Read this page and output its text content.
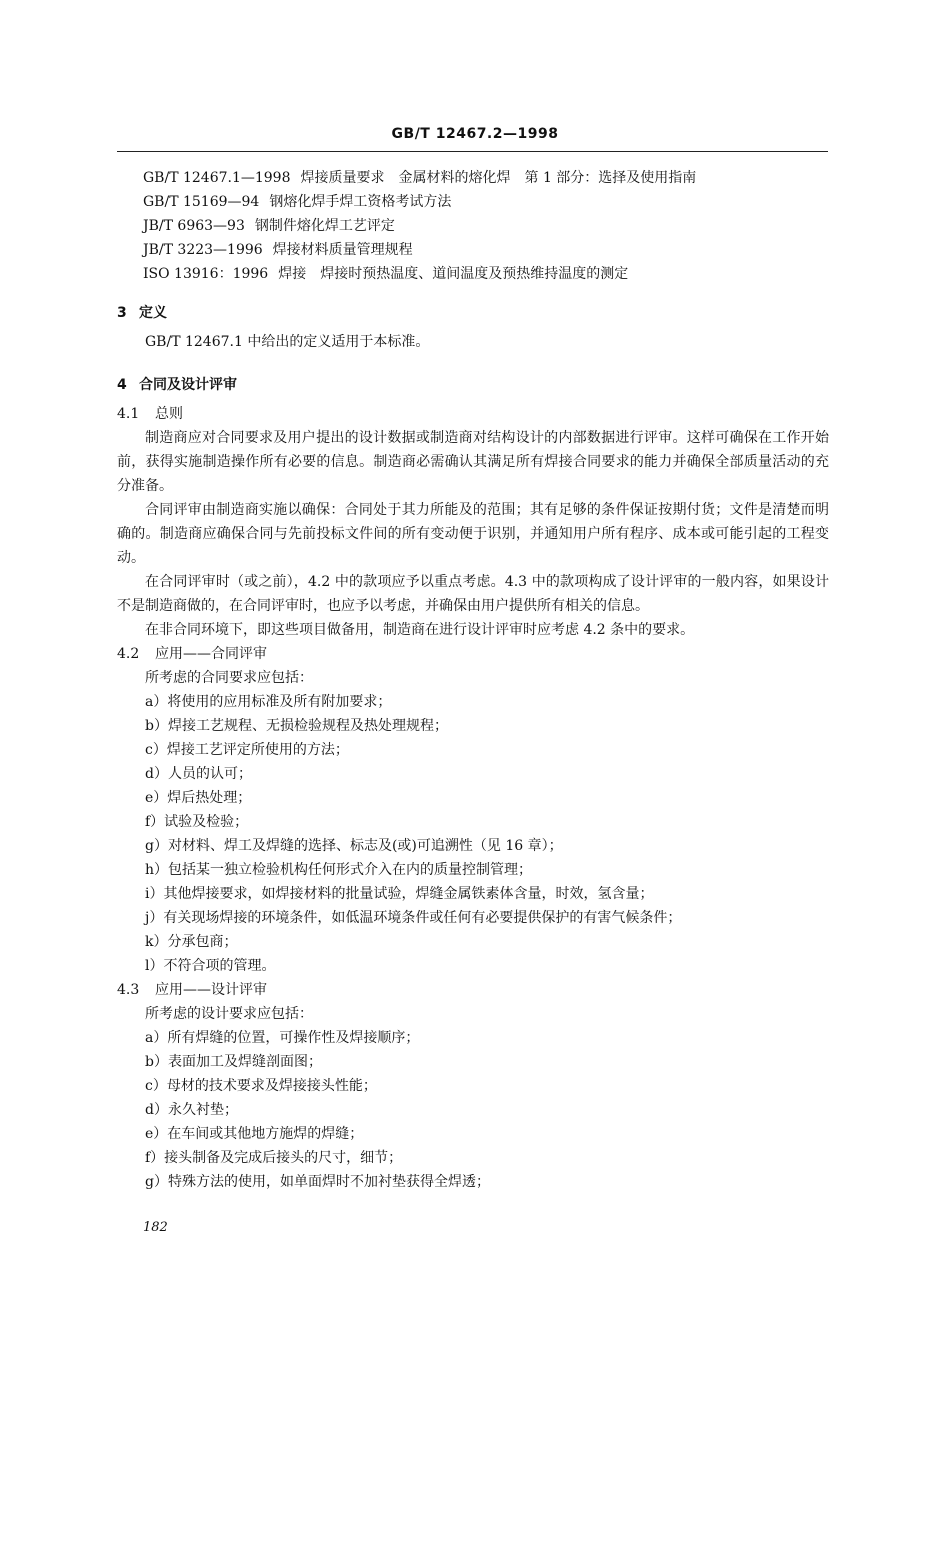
GB/T 12467.2—1998
GB/T 12467.1—1998 焊接质量要求　金属材料的熔化焊　第 1 部分：选择及使用指南
GB/T 15169—94 钢熔化焊手焊工资格考试方法
JB/T 6963—93 钢制件熔化焊工艺评定
JB/T 3223—1996 焊接材料质量管理规程
ISO 13916：1996 焊接　焊接时预热温度、道间温度及预热维持温度的测定
3 定义
GB/T 12467.1 中给出的定义适用于本标准。
4 合同及设计评审
4.1 总则
制造商应对合同要求及用户提出的设计数据或制造商对结构设计的内部数据进行评审。这样可确保在工作开始前，获得实施制造操作所有必要的信息。制造商必需确认其满足所有焊接合同要求的能力并确保全部质量活动的充分准备。
合同评审由制造商实施以确保：合同处于其力所能及的范围；其有足够的条件保证按期付货；文件是清楚而明确的。制造商应确保合同与先前投标文件间的所有变动便于识别，并通知用户所有程序、成本或可能引起的工程变动。
在合同评审时（或之前），4.2 中的款项应予以重点考虑。4.3 中的款项构成了设计评审的一般内容，如果设计不是制造商做的，在合同评审时，也应予以考虑，并确保由用户提供所有相关的信息。
在非合同环境下，即这些项目做备用，制造商在进行设计评审时应考虑 4.2 条中的要求。
4.2 应用——合同评审
所考虑的合同要求应包括：
a）将使用的应用标准及所有附加要求；
b）焊接工艺规程、无损检验规程及热处理规程；
c）焊接工艺评定所使用的方法；
d）人员的认可；
e）焊后热处理；
f）试验及检验；
g）对材料、焊工及焊缝的选择、标志及(或)可追溯性（见 16 章）；
h）包括某一独立检验机构任何形式介入在内的质量控制管理；
i）其他焊接要求，如焊接材料的批量试验，焊缝金属铁素体含量，时效，氢含量；
j）有关现场焊接的环境条件，如低温环境条件或任何有必要提供保护的有害气候条件；
k）分承包商；
l）不符合项的管理。
4.3 应用——设计评审
所考虑的设计要求应包括：
a）所有焊缝的位置，可操作性及焊接顺序；
b）表面加工及焊缝剖面图；
c）母材的技术要求及焊接接头性能；
d）永久衬垫；
e）在车间或其他地方施焊的焊缝；
f）接头制备及完成后接头的尺寸，细节；
g）特殊方法的使用，如单面焊时不加衬垫获得全焊透；
182
